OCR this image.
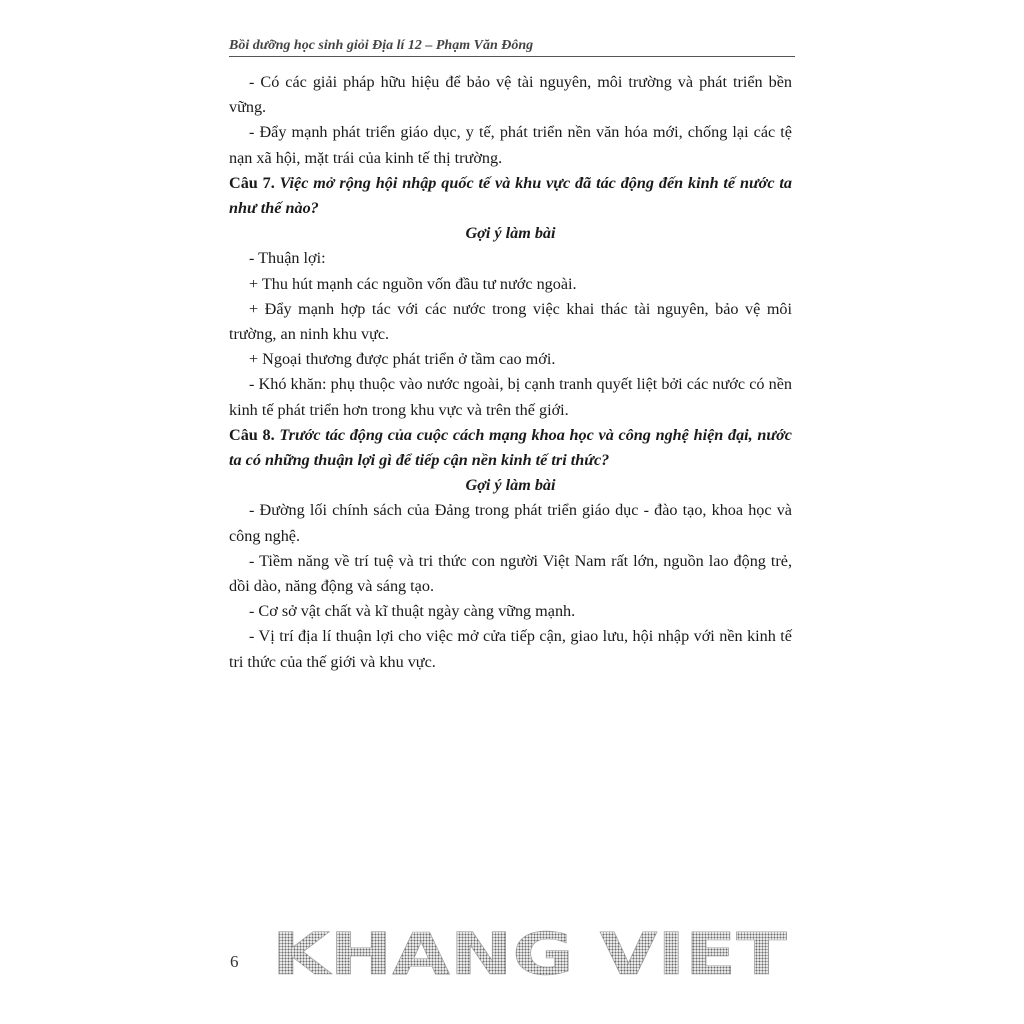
Bồi dưỡng học sinh giỏi Địa lí 12 – Phạm Văn Đông
- Có các giải pháp hữu hiệu để bảo vệ tài nguyên, môi trường và phát triển bền vững.
- Đẩy mạnh phát triển giáo dục, y tế, phát triển nền văn hóa mới, chống lại các tệ nạn xã hội, mặt trái của kinh tế thị trường.
Câu 7. Việc mở rộng hội nhập quốc tế và khu vực đã tác động đến kinh tế nước ta như thế nào?
Gợi ý làm bài
- Thuận lợi:
+ Thu hút mạnh các nguồn vốn đầu tư nước ngoài.
+ Đẩy mạnh hợp tác với các nước trong việc khai thác tài nguyên, bảo vệ môi trường, an ninh khu vực.
+ Ngoại thương được phát triển ở tầm cao mới.
- Khó khăn: phụ thuộc vào nước ngoài, bị cạnh tranh quyết liệt bởi các nước có nền kinh tế phát triển hơn trong khu vực và trên thế giới.
Câu 8. Trước tác động của cuộc cách mạng khoa học và công nghệ hiện đại, nước ta có những thuận lợi gì để tiếp cận nền kinh tế tri thức?
Gợi ý làm bài
- Đường lối chính sách của Đảng trong phát triển giáo dục - đào tạo, khoa học và công nghệ.
- Tiềm năng về trí tuệ và tri thức con người Việt Nam rất lớn, nguồn lao động trẻ, dồi dào, năng động và sáng tạo.
- Cơ sở vật chất và kĩ thuật ngày càng vững mạnh.
- Vị trí địa lí thuận lợi cho việc mở cửa tiếp cận, giao lưu, hội nhập với nền kinh tế tri thức của thế giới và khu vực.
6 KHANG VIET
